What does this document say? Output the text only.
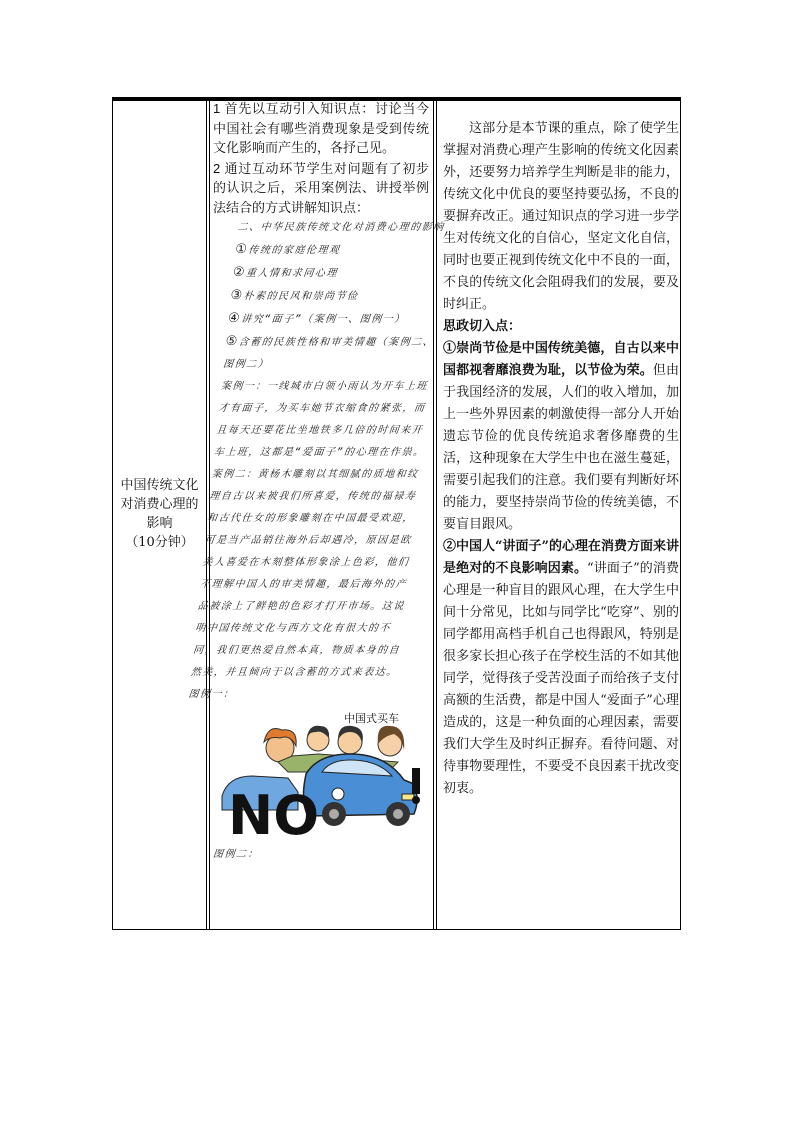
中国传统文化对消费心理的影响
（10分钟）

1 首先以互动引入知识点：讨论当今中国社会有哪些消费现象是受到传统文化影响而产生的，各抒己见。

2 通过互动环节学生对问题有了初步的认识之后，采用案例法、讲授举例法结合的方式讲解知识点：

二、中华民族传统文化对消费心理的影响
①传统的家庭伦理观
②重人情和求同心理
③朴素的民风和崇尚节俭
④讲究“面子”（案例一、图例一）
⑤含蓄的民族性格和审美情趣（案例二、图例二）
案例一：一线城市白领小雨认为开车上班才有面子，为买车她节衣缩食的紧张，而且每天还要花比坐地铁多几倍的时间来开车上班，这都是“爱面子”的心理在作祟。
案例二：黄杨木雕刻以其细腻的质地和纹理自古以来被我们所喜爱，传统的福禄寿和古代仕女的形象雕刻在中国最受欢迎，可是当产品销往海外后却遇冷，原因是欧美人喜爱在木刻整体形象涂上色彩，他们不理解中国人的审美情趣，最后海外的产品被涂上了鲜艳的色彩才打开市场。这说明中国传统文化与西方文化有很大的不同，我们更热爱自然本真，物质本身的自然美，并且倾向于以含蓄的方式来表达。
图例一：
中国式买车
NO
图例二：

这部分是本节课的重点，除了使学生掌握对消费心理产生影响的传统文化因素外，还要努力培养学生判断是非的能力，传统文化中优良的要坚持要弘扬，不良的要摒弃改正。通过知识点的学习进一步学生对传统文化的自信心，坚定文化自信，同时也要正视到传统文化中不良的一面，不良的传统文化会阻碍我们的发展，要及时纠正。

思政切入点：

①崇尚节俭是中国传统美德，自古以来中国都视奢靡浪费为耻，以节俭为荣。但由于我国经济的发展，人们的收入增加，加上一些外界因素的刺激使得一部分人开始遗忘节俭的优良传统追求奢侈靡费的生活，这种现象在大学生中也在滋生蔓延，需要引起我们的注意。我们要有判断好坏的能力，要坚持崇尚节俭的传统美德，不要盲目跟风。

②中国人“讲面子”的心理在消费方面来讲是绝对的不良影响因素。“讲面子”的消费心理是一种盲目的跟风心理，在大学生中间十分常见，比如与同学比“吃穿”、别的同学都用高档手机自己也得跟风，特别是很多家长担心孩子在学校生活的不如其他同学，觉得孩子受苦没面子而给孩子支付高额的生活费，都是中国人“爱面子”心理造成的，这是一种负面的心理因素，需要我们大学生及时纠正摒弃。看待问题、对待事物要理性，不要受不良因素干扰改变初衷。
